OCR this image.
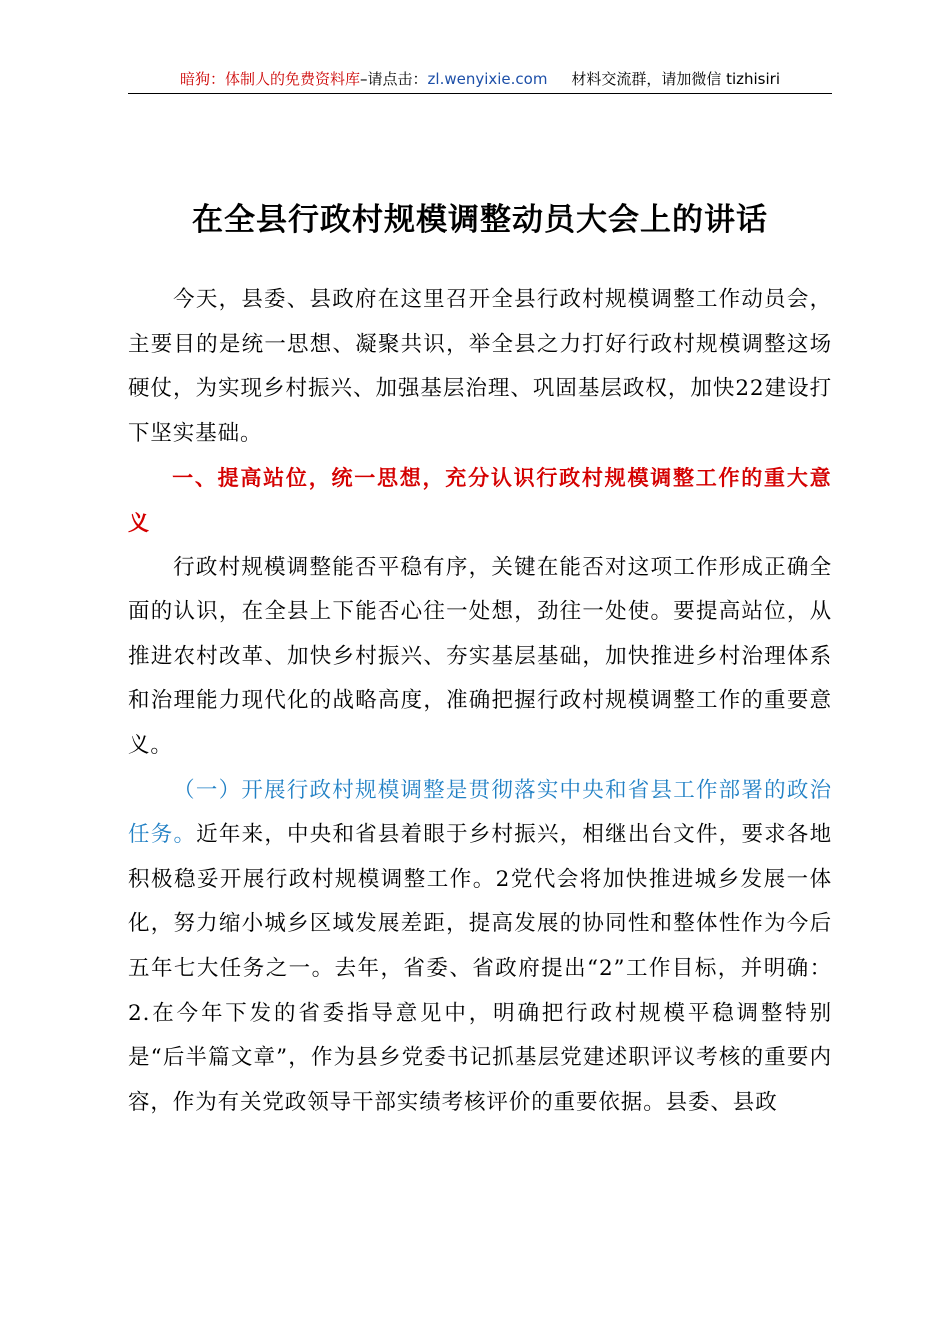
暗狗：体制人的免费资料库–请点击：zl.wenyixie.com 材料交流群，请加微信 tizhisiri
在全县行政村规模调整动员大会上的讲话

今天，县委、县政府在这里召开全县行政村规模调整工作动员会，主要目的是统一思想、凝聚共识，举全县之力打好行政村规模调整这场硬仗，为实现乡村振兴、加强基层治理、巩固基层政权，加快22建设打下坚实基础。

一、提高站位，统一思想，充分认识行政村规模调整工作的重大意义

行政村规模调整能否平稳有序，关键在能否对这项工作形成正确全面的认识，在全县上下能否心往一处想，劲往一处使。要提高站位，从推进农村改革、加快乡村振兴、夯实基层基础，加快推进乡村治理体系和治理能力现代化的战略高度，准确把握行政村规模调整工作的重要意义。

（一）开展行政村规模调整是贯彻落实中央和省县工作部署的政治任务。近年来，中央和省县着眼于乡村振兴，相继出台文件，要求各地积极稳妥开展行政村规模调整工作。2党代会将加快推进城乡发展一体化，努力缩小城乡区域发展差距，提高发展的协同性和整体性作为今后五年七大任务之一。去年，省委、省政府提出“2”工作目标，并明确：2.在今年下发的省委指导意见中，明确把行政村规模平稳调整特别是“后半篇文章”，作为县乡党委书记抓基层党建述职评议考核的重要内容，作为有关党政领导干部实绩考核评价的重要依据。县委、县政
